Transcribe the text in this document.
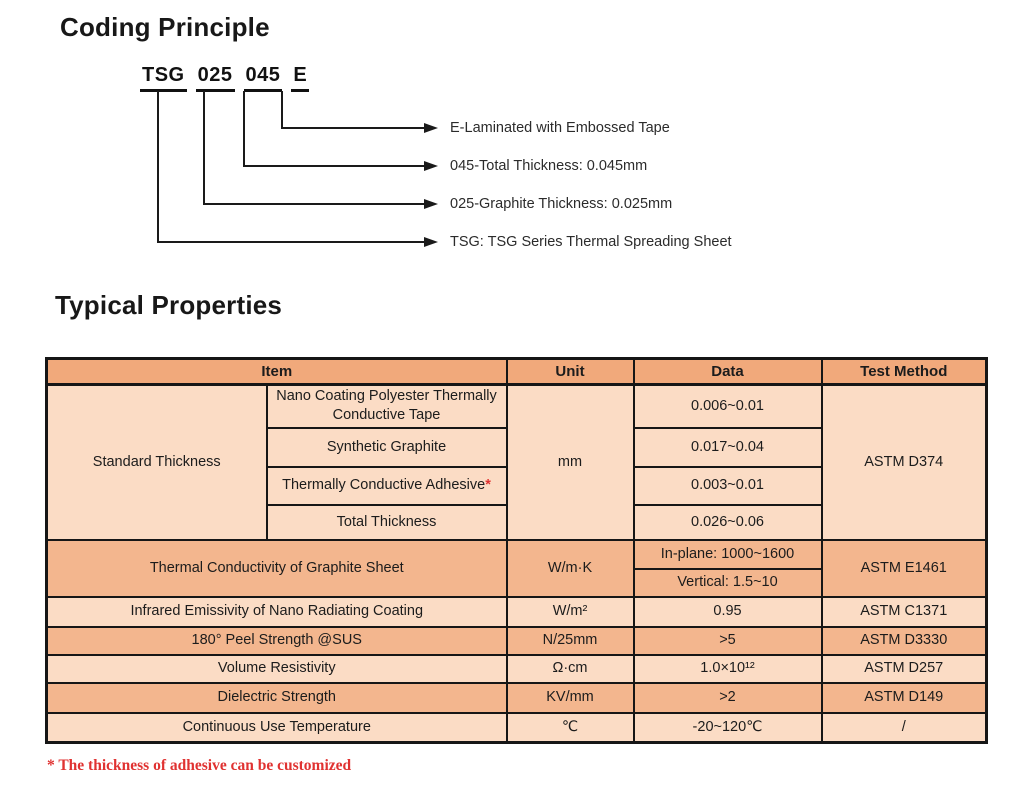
Coding Principle
TSG 025 045 E
E-Laminated with Embossed Tape
045-Total Thickness: 0.045mm
025-Graphite Thickness: 0.025mm
TSG: TSG Series Thermal Spreading Sheet
Typical Properties
Item		Unit	Data	Test Method
Standard Thickness	Nano Coating Polyester Thermally Conductive Tape	mm	0.006~0.01	ASTM D374
	Synthetic Graphite		0.017~0.04	
	Thermally Conductive Adhesive*		0.003~0.01	
	Total Thickness		0.026~0.06	
Thermal Conductivity of Graphite Sheet		W/m·K	In-plane: 1000~1600	ASTM E1461
			Vertical: 1.5~10	
Infrared Emissivity of Nano Radiating Coating		W/m²	0.95	ASTM C1371
180° Peel Strength @SUS		N/25mm	>5	ASTM D3330
Volume Resistivity		Ω·cm	1.0×10¹²	ASTM D257
Dielectric Strength		KV/mm	>2	ASTM D149
Continuous Use Temperature		℃	-20~120℃	/
* The thickness of adhesive can be customized
